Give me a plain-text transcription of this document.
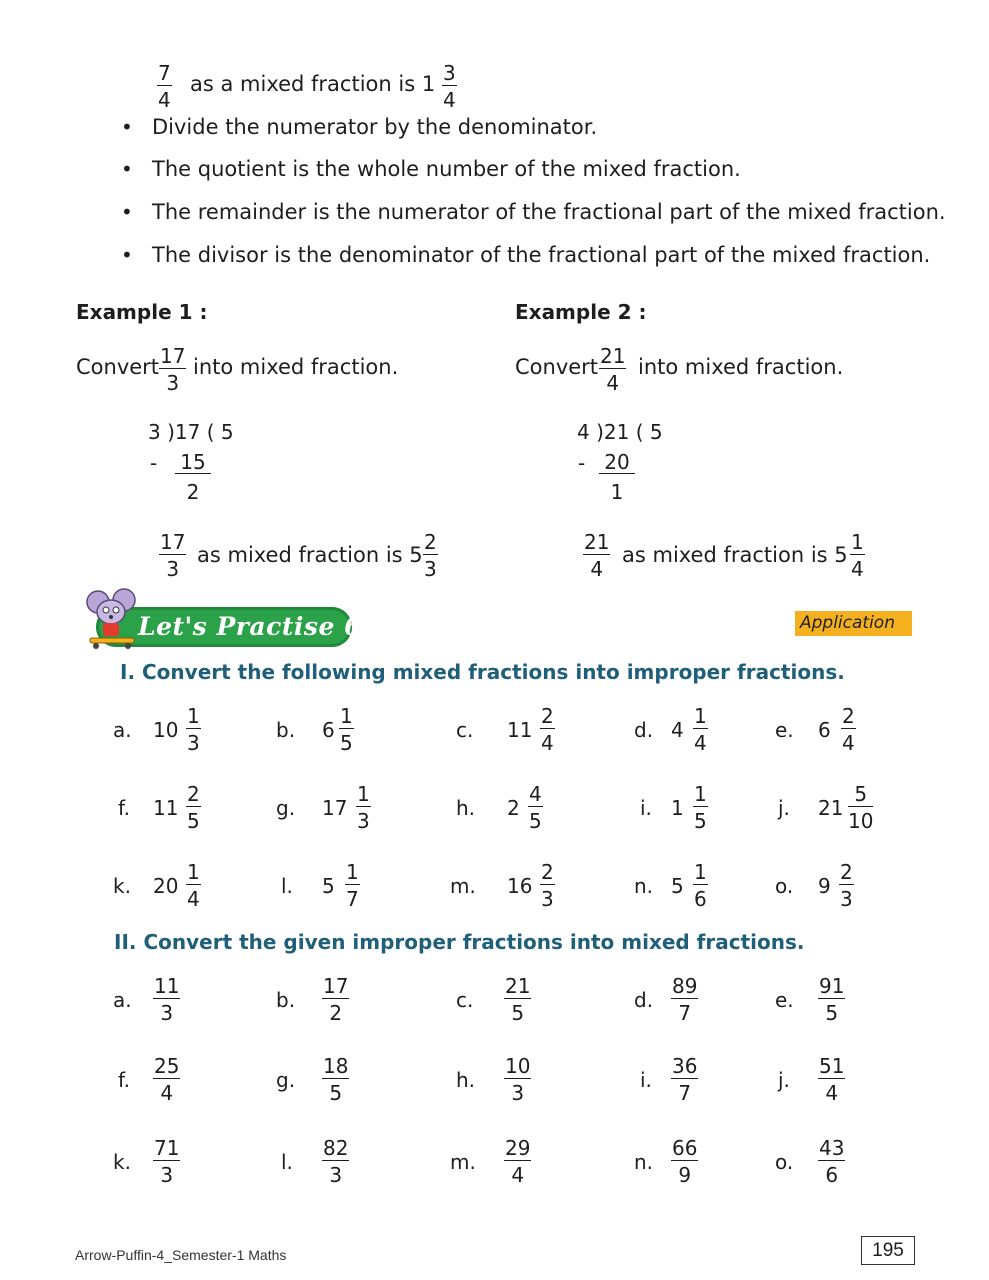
$\frac{7}{4}$ as a mixed fraction is $1 \frac{3}{4}$
• Divide the numerator by the denominator.
• The quotient is the whole number of the mixed fraction.
• The remainder is the numerator of the fractional part of the mixed fraction.
• The divisor is the denominator of the fractional part of the mixed fraction.
Example 1 :
Convert $\frac{17}{3}$ into mixed fraction.
3 )17 ( 5
- 15
2
$\frac{17}{3}$ as mixed fraction is $5 \frac{2}{3}$
Example 2 :
Convert $\frac{21}{4}$ into mixed fraction.
4 )21 ( 5
- 20
1
$\frac{21}{4}$ as mixed fraction is $5 \frac{1}{4}$
Let's Practise 6.4	Application
I. Convert the following mixed fractions into improper fractions.
a. $10 \frac{1}{3}$	b. $6 \frac{1}{5}$	c. $11 \frac{2}{4}$	d. $4 \frac{1}{4}$	e. $6 \frac{2}{4}$
f. $11 \frac{2}{5}$	g. $17 \frac{1}{3}$	h. $2 \frac{4}{5}$	i. $1 \frac{1}{5}$	j. $21 \frac{5}{10}$
k. $20 \frac{1}{4}$	l. $5 \frac{1}{7}$	m. $16 \frac{2}{3}$	n. $5 \frac{1}{6}$	o. $9 \frac{2}{3}$
II. Convert the given improper fractions into mixed fractions.
a. $\frac{11}{3}$	b. $\frac{17}{2}$	c. $\frac{21}{5}$	d. $\frac{89}{7}$	e. $\frac{91}{5}$
f. $\frac{25}{4}$	g. $\frac{18}{5}$	h. $\frac{10}{3}$	i. $\frac{36}{7}$	j. $\frac{51}{4}$
k. $\frac{71}{3}$	l. $\frac{82}{3}$	m. $\frac{29}{4}$	n. $\frac{66}{9}$	o. $\frac{43}{6}$
Arrow-Puffin-4_Semester-1 Maths	195
